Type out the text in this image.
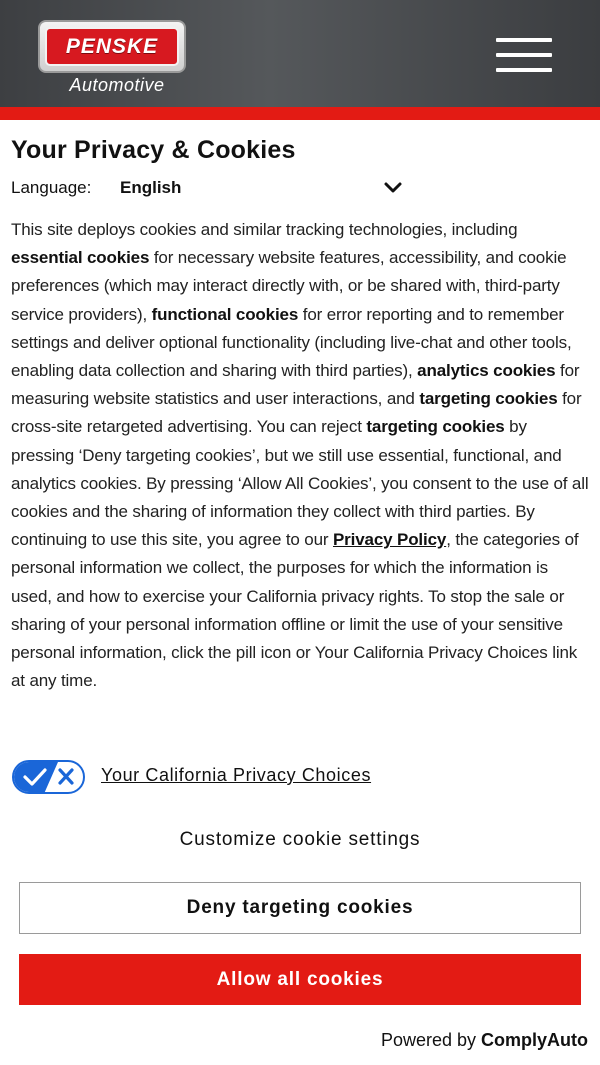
PENSKE
Automotive
Your Privacy & Cookies
Language: English
This site deploys cookies and similar tracking technologies, including essential cookies for necessary website features, accessibility, and cookie preferences (which may interact directly with, or be shared with, third-party service providers), functional cookies for error reporting and to remember settings and deliver optional functionality (including live-chat and other tools, enabling data collection and sharing with third parties), analytics cookies for measuring website statistics and user interactions, and targeting cookies for cross-site retargeted advertising. You can reject targeting cookies by pressing ‘Deny targeting cookies’, but we still use essential, functional, and analytics cookies. By pressing ‘Allow All Cookies’, you consent to the use of all cookies and the sharing of information they collect with third parties. By continuing to use this site, you agree to our Privacy Policy, the categories of personal information we collect, the purposes for which the information is used, and how to exercise your California privacy rights. To stop the sale or sharing of your personal information offline or limit the use of your sensitive personal information, click the pill icon or Your California Privacy Choices link at any time.
Your California Privacy Choices
Customize cookie settings
Deny targeting cookies
Allow all cookies
Powered by ComplyAuto
